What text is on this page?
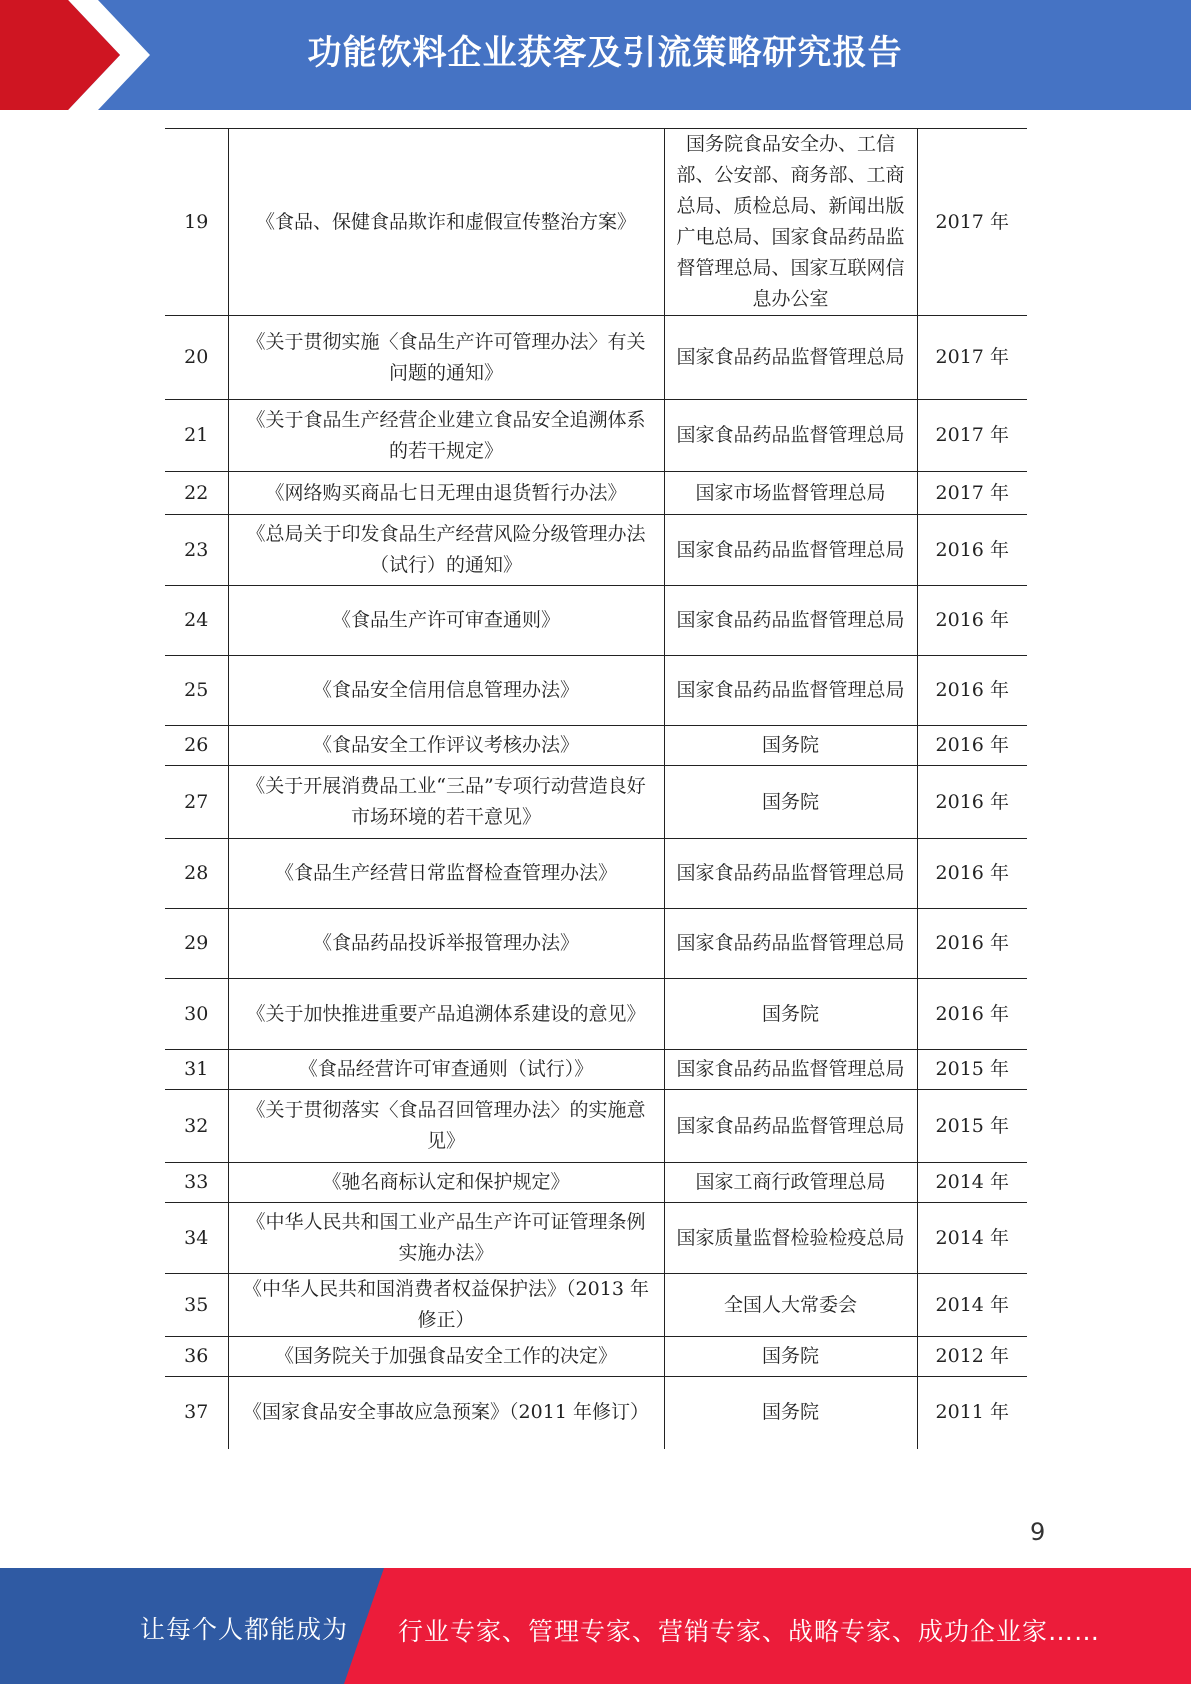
功能饮料企业获客及引流策略研究报告
19	《食品、保健食品欺诈和虚假宣传整治方案》	国务院食品安全办、工信部、公安部、商务部、工商总局、质检总局、新闻出版广电总局、国家食品药品监督管理总局、国家互联网信息办公室	2017 年
20	《关于贯彻实施〈食品生产许可管理办法〉有关问题的通知》	国家食品药品监督管理总局	2017 年
21	《关于食品生产经营企业建立食品安全追溯体系的若干规定》	国家食品药品监督管理总局	2017 年
22	《网络购买商品七日无理由退货暂行办法》	国家市场监督管理总局	2017 年
23	《总局关于印发食品生产经营风险分级管理办法（试行）的通知》	国家食品药品监督管理总局	2016 年
24	《食品生产许可审查通则》	国家食品药品监督管理总局	2016 年
25	《食品安全信用信息管理办法》	国家食品药品监督管理总局	2016 年
26	《食品安全工作评议考核办法》	国务院	2016 年
27	《关于开展消费品工业“三品”专项行动营造良好市场环境的若干意见》	国务院	2016 年
28	《食品生产经营日常监督检查管理办法》	国家食品药品监督管理总局	2016 年
29	《食品药品投诉举报管理办法》	国家食品药品监督管理总局	2016 年
30	《关于加快推进重要产品追溯体系建设的意见》	国务院	2016 年
31	《食品经营许可审查通则（试行）》	国家食品药品监督管理总局	2015 年
32	《关于贯彻落实〈食品召回管理办法〉的实施意见》	国家食品药品监督管理总局	2015 年
33	《驰名商标认定和保护规定》	国家工商行政管理总局	2014 年
34	《中华人民共和国工业产品生产许可证管理条例实施办法》	国家质量监督检验检疫总局	2014 年
35	《中华人民共和国消费者权益保护法》（2013 年修正）	全国人大常委会	2014 年
36	《国务院关于加强食品安全工作的决定》	国务院	2012 年
37	《国家食品安全事故应急预案》（2011 年修订）	国务院	2011 年
9
让每个人都能成为 行业专家、管理专家、营销专家、战略专家、成功企业家……
